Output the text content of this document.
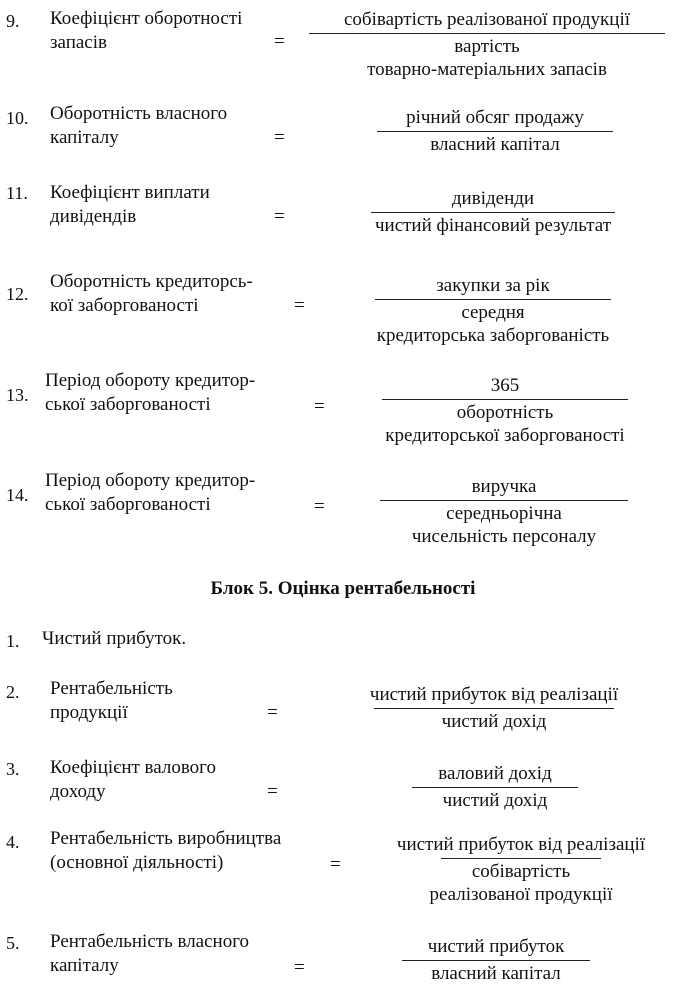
9. Коефіцієнт оборотності
запасів	=
собівартість реалізованої продукції
вартість
товарно-матеріальних запасів
10. Оборотність власного
капіталу	=
річний обсяг продажу
власний капітал
11. Коефіцієнт виплати
дивідендів	=
дивіденди
чистий фінансовий результат
12.
Оборотність кредиторсь-
кої заборгованості	=
закупки за рік
середня
кредиторська заборгованість
13.
Період обороту кредитор-
ської заборгованості	=
365
оборотність
кредиторської заборгованості
14.
Період обороту кредитор-
ської заборгованості	=
виручка
середньорічна
чисельність персоналу
Блок 5. Оцінка рентабельності
1. Чистий прибуток.
2. Рентабельність
продукції	=
чистий прибуток від реалізації
чистий дохід
3. Коефіцієнт валового
доходу	=
валовий дохід
чистий дохід
4. Рентабельність виробництва
(основної діяльності)	=
чистий прибуток від реалізації
собівартість
реалізованої продукції
5. Рентабельність власного
капіталу	=
чистий прибуток
власний капітал
